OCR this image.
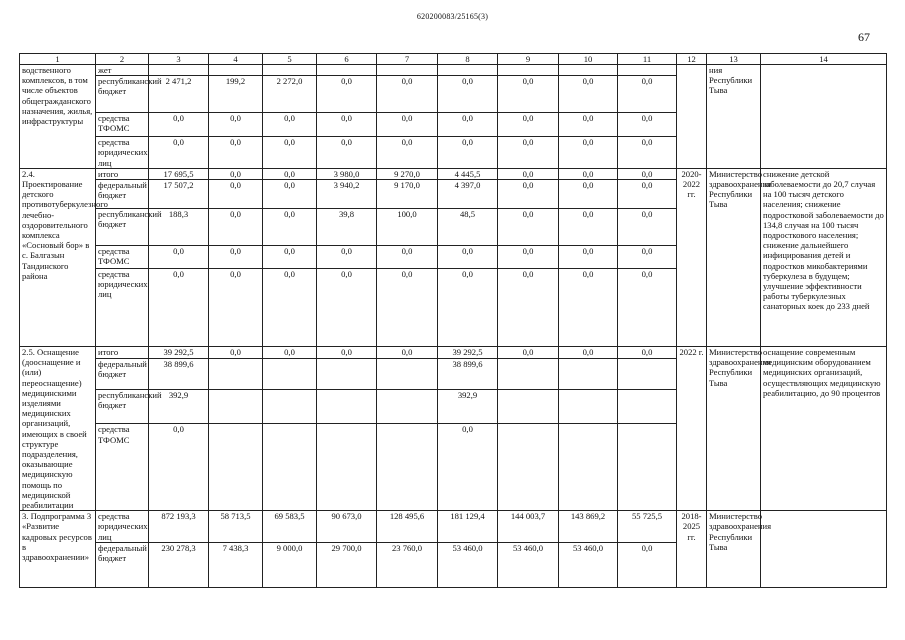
620200083/25165(3)
67
1	2	3	4	5	6	7	8	9	10	11	12	13	14
водственного комплексов, в том числе объектов общегражданского назначения, жилья, инфраструктуры	жет											ния Республики Тыва	
	республиканский бюджет	2 471,2	199,2	2 272,0	0,0	0,0	0,0	0,0	0,0	0,0			
	средства ТФОМС	0,0	0,0	0,0	0,0	0,0	0,0	0,0	0,0	0,0			
	средства юридических лиц	0,0	0,0	0,0	0,0	0,0	0,0	0,0	0,0	0,0			
2.4. Проектирование детского противотуберкулезного лечебно-оздоровительного комплекса «Сосновый бор» в с. Балгазын Тандинского района	итого	17 695,5	0,0	0,0	3 980,0	9 270,0	4 445,5	0,0	0,0	0,0	2020-2022 гг.	Министерство здравоохранения Республики Тыва	снижение детской заболеваемости до 20,7 случая на 100 тысяч детского населения; снижение подростковой заболеваемости до 134,8 случая на 100 тысяч подросткового населения; снижение дальнейшего инфицирования детей и подростков микобактериями туберкулеза в будущем; улучшение эффективности работы туберкулезных санаторных коек до 233 дней
	федеральный бюджет	17 507,2	0,0	0,0	3 940,2	9 170,0	4 397,0	0,0	0,0	0,0			
	республиканский бюджет	188,3	0,0	0,0	39,8	100,0	48,5	0,0	0,0	0,0			
	средства ТФОМС	0,0	0,0	0,0	0,0	0,0	0,0	0,0	0,0	0,0			
	средства юридических лиц	0,0	0,0	0,0	0,0	0,0	0,0	0,0	0,0	0,0			
2.5. Оснащение (дооснащение и (или) переоснащение) медицинскими изделиями медицинских организаций, имеющих в своей структуре подразделения, оказывающие медицинскую помощь по медицинской реабилитации	итого	39 292,5	0,0	0,0	0,0	0,0	39 292,5	0,0	0,0	0,0	2022 г.	Министерство здравоохранения Республики Тыва	оснащение современным медицинским оборудованием медицинских организаций, осуществляющих медицинскую реабилитацию, до 90 процентов
	федеральный бюджет	38 899,6					38 899,6						
	республиканский бюджет	392,9					392,9						
	средства ТФОМС	0,0					0,0						
3. Подпрограмма 3 «Развитие кадровых ресурсов в здравоохранении»	средства юридических лиц	872 193,3	58 713,5	69 583,5	90 673,0	128 495,6	181 129,4	144 003,7	143 869,2	55 725,5	2018-2025 гг.	Министерство здравоохранения Республики Тыва	
	федеральный бюджет	230 278,3	7 438,3	9 000,0	29 700,0	23 760,0	53 460,0	53 460,0	53 460,0	0,0			
